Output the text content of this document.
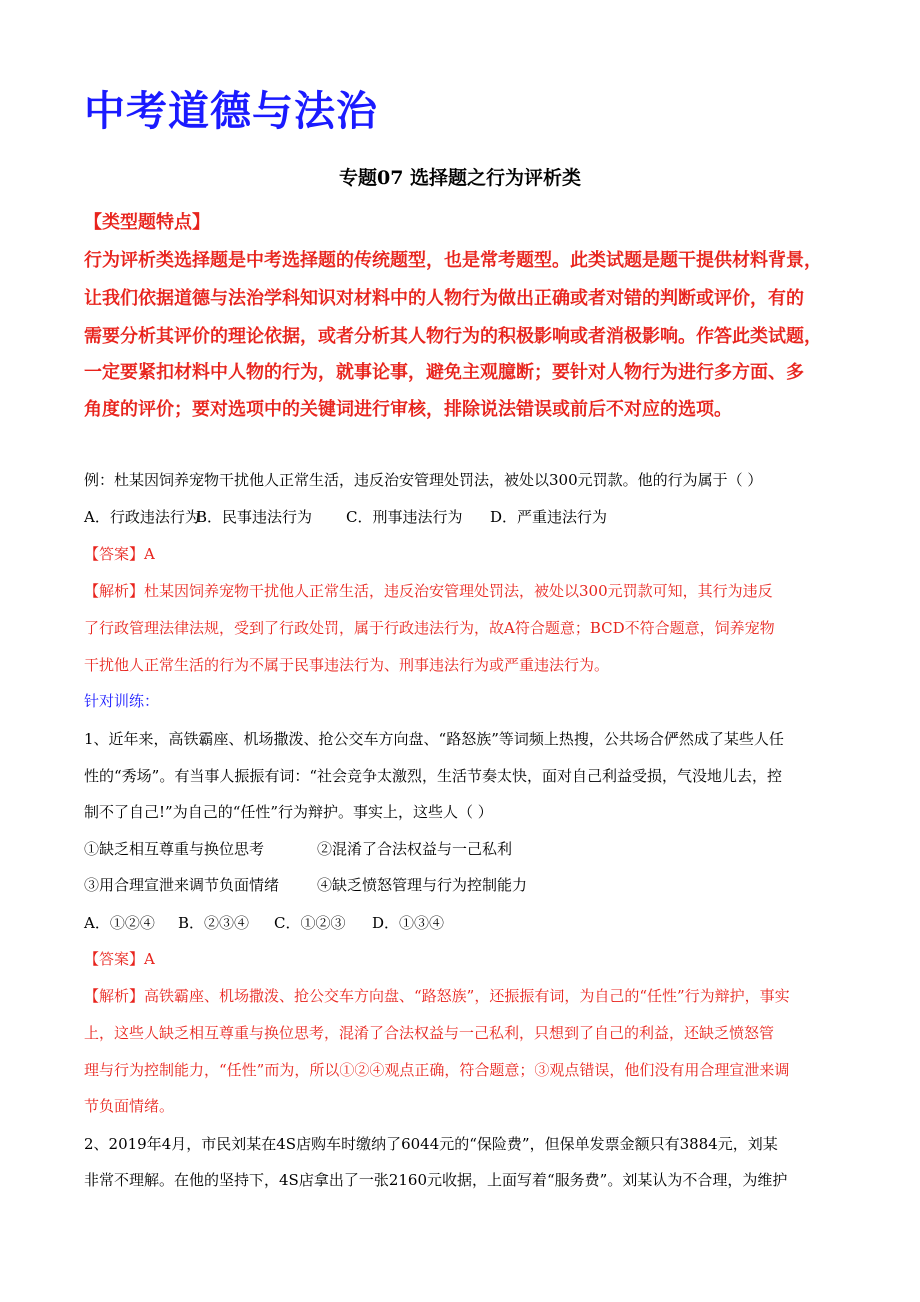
中考道德与法治
专题07 选择题之行为评析类
【类型题特点】
行为评析类选择题是中考选择题的传统题型，也是常考题型。此类试题是题干提供材料背景，
让我们依据道德与法治学科知识对材料中的人物行为做出正确或者对错的判断或评价，有的
需要分析其评价的理论依据，或者分析其人物行为的积极影响或者消极影响。作答此类试题，
一定要紧扣材料中人物的行为，就事论事，避免主观臆断；要针对人物行为进行多方面、多
角度的评价；要对选项中的关键词进行审核，排除说法错误或前后不对应的选项。
例：杜某因饲养宠物干扰他人正常生活，违反治安管理处罚法，被处以300元罚款。他的行为属于（ ）
A．行政违法行为B．民事违法行为 C．刑事违法行为 D．严重违法行为
【答案】A
【解析】杜某因饲养宠物干扰他人正常生活，违反治安管理处罚法，被处以300元罚款可知，其行为违反
了行政管理法律法规，受到了行政处罚，属于行政违法行为，故A符合题意；BCD不符合题意，饲养宠物
干扰他人正常生活的行为不属于民事违法行为、刑事违法行为或严重违法行为。
针对训练：
1、近年来，高铁霸座、机场撒泼、抢公交车方向盘、“路怒族”等词频上热搜，公共场合俨然成了某些人任
性的“秀场”。有当事人振振有词：“社会竞争太激烈，生活节奏太快，面对自己利益受损，气没地儿去，控
制不了自己!”为自己的“任性”行为辩护。事实上，这些人（ ）
①缺乏相互尊重与换位思考	②混淆了合法权益与一己私利
③用合理宣泄来调节负面情绪	④缺乏愤怒管理与行为控制能力
A．①②④ B．②③④ C．①②③ D．①③④
【答案】A
【解析】高铁霸座、机场撒泼、抢公交车方向盘、“路怒族”，还振振有词，为自己的“任性”行为辩护，事实
上，这些人缺乏相互尊重与换位思考，混淆了合法权益与一己私利，只想到了自己的利益，还缺乏愤怒管
理与行为控制能力，“任性”而为，所以①②④观点正确，符合题意；③观点错误，他们没有用合理宣泄来调
节负面情绪。
2、2019年4月，市民刘某在4S店购车时缴纳了6044元的“保险费”，但保单发票金额只有3884元，刘某
非常不理解。在他的坚持下，4S店拿出了一张2160元收据，上面写着“服务费”。刘某认为不合理，为维护
